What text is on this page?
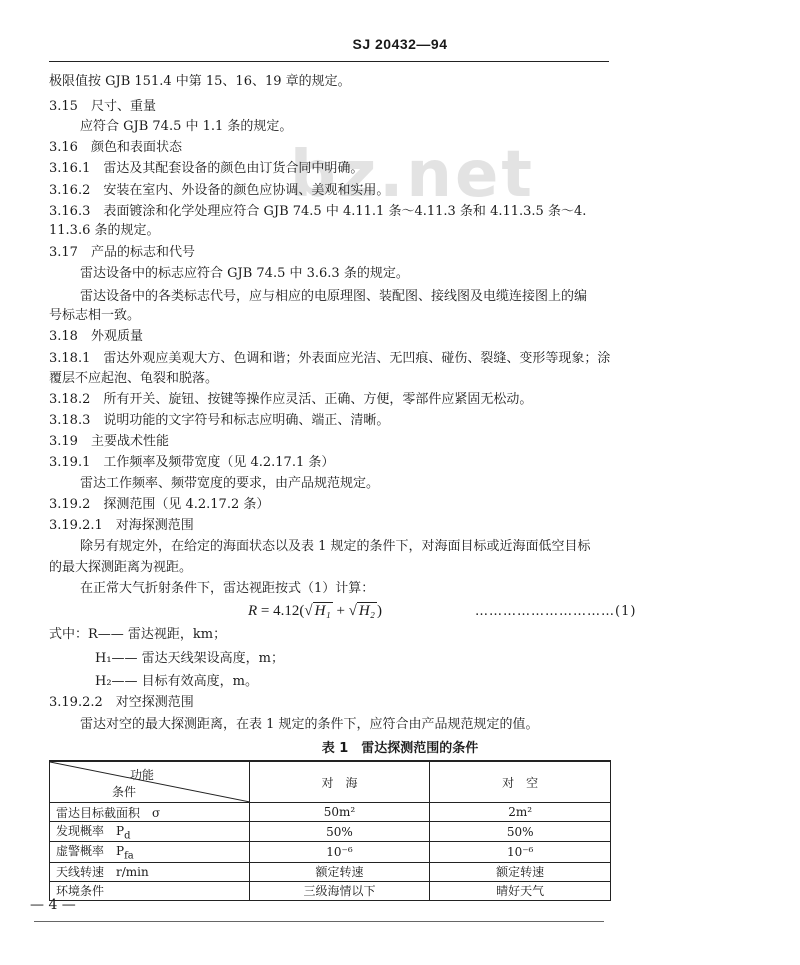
SJ 20432—94
bz.net
极限值按 GJB 151.4 中第 15、16、19 章的规定。
3.15　尺寸、重量
应符合 GJB 74.5 中 1.1 条的规定。
3.16　颜色和表面状态
3.16.1　雷达及其配套设备的颜色由订货合同中明确。
3.16.2　安装在室内、外设备的颜色应协调、美观和实用。
3.16.3　表面镀涂和化学处理应符合 GJB 74.5 中 4.11.1 条～4.11.3 条和 4.11.3.5 条～4.
11.3.6 条的规定。
3.17　产品的标志和代号
雷达设备中的标志应符合 GJB 74.5 中 3.6.3 条的规定。
雷达设备中的各类标志代号，应与相应的电原理图、装配图、接线图及电缆连接图上的编
号标志相一致。
3.18　外观质量
3.18.1　雷达外观应美观大方、色调和谐；外表面应光洁、无凹痕、碰伤、裂缝、变形等现象；涂
覆层不应起泡、龟裂和脱落。
3.18.2　所有开关、旋钮、按键等操作应灵活、正确、方便，零部件应紧固无松动。
3.18.3　说明功能的文字符号和标志应明确、端正、清晰。
3.19　主要战术性能
3.19.1　工作频率及频带宽度（见 4.2.17.1 条）
雷达工作频率、频带宽度的要求，由产品规范规定。
3.19.2　探测范围（见 4.2.17.2 条）
3.19.2.1　对海探测范围
除另有规定外，在给定的海面状态以及表 1 规定的条件下，对海面目标或近海面低空目标
的最大探测距离为视距。
在正常大气折射条件下，雷达视距按式（1）计算：
R = 4.12(√ H₁ + √ H₂ )	…………………………(1)
式中：R—— 雷达视距，km；
H₁—— 雷达天线架设高度，m；
H₂—— 目标有效高度，m。
3.19.2.2　对空探测范围
雷达对空的最大探测距离，在表 1 规定的条件下，应符合由产品规范规定的值。
表 1　雷达探测范围的条件
功能
条件	对　海	对　空
雷达目标截面积　σ	50m²	2m²
发现概率　$P_d$	50%	50%
虚警概率　$P_{fa}$	10⁻⁶	10⁻⁶
天线转速　r/min	额定转速	额定转速
环境条件	三级海情以下	晴好天气
— 4 —
